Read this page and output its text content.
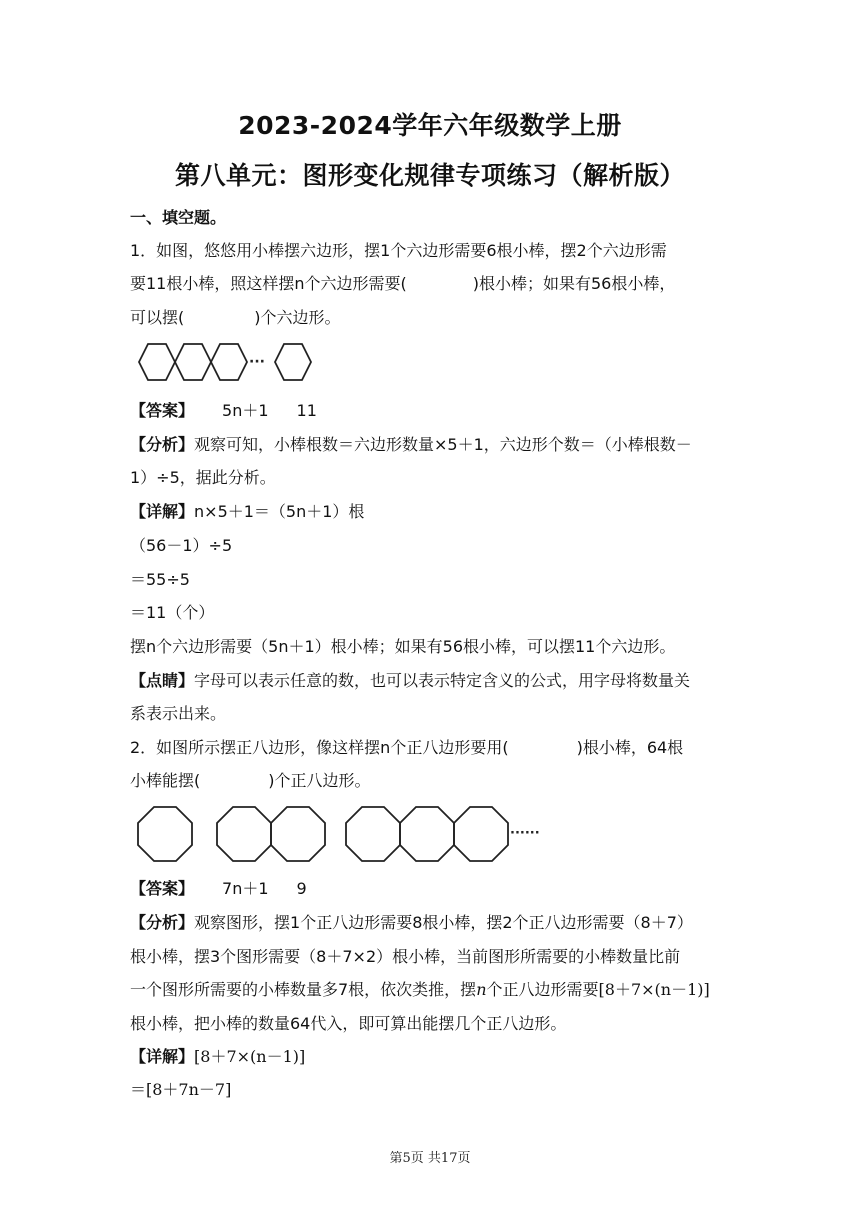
2023-2024学年六年级数学上册
第八单元：图形变化规律专项练习（解析版）
一、填空题。
1．如图，悠悠用小棒摆六边形，摆1个六边形需要6根小棒，摆2个六边形需
要11根小棒，照这样摆n个六边形需要(	)根小棒；如果有56根小棒，
可以摆(	)个六边形。
···
【答案】 5n＋1 11
【分析】观察可知，小棒根数＝六边形数量×5＋1，六边形个数＝（小棒根数－
1）÷5，据此分析。
【详解】n×5＋1＝（5n＋1）根
（56－1）÷5
＝55÷5
＝11（个）
摆n个六边形需要（5n＋1）根小棒；如果有56根小棒，可以摆11个六边形。
【点睛】字母可以表示任意的数，也可以表示特定含义的公式，用字母将数量关
系表示出来。
2．如图所示摆正八边形，像这样摆n个正八边形要用(	)根小棒，64根
小棒能摆(	)个正八边形。
······
【答案】 7n＋1 9
【分析】观察图形，摆1个正八边形需要8根小棒，摆2个正八边形需要（8＋7）
根小棒，摆3个图形需要（8＋7×2）根小棒，当前图形所需要的小棒数量比前
一个图形所需要的小棒数量多7根，依次类推，摆n个正八边形需要[8＋7×(n－1)]
根小棒，把小棒的数量64代入，即可算出能摆几个正八边形。
【详解】[8＋7×(n－1)]
＝[8＋7n－7]
第5页 共17页
